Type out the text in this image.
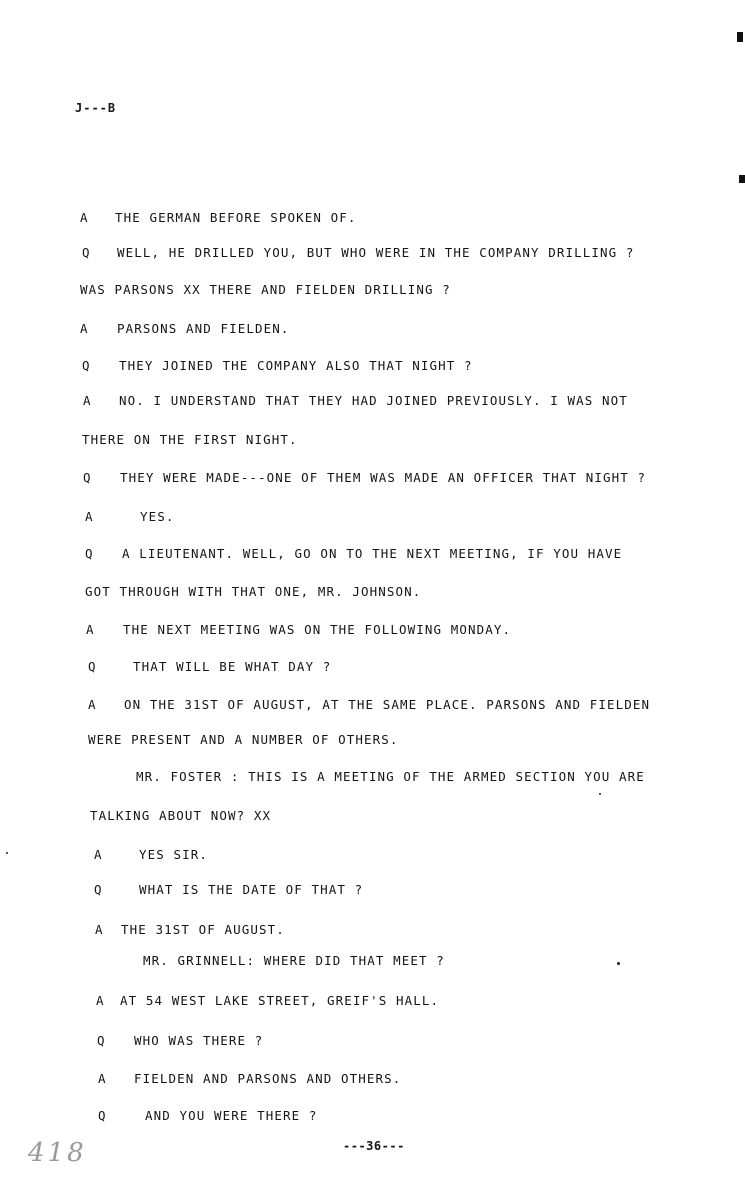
J---B
A THE GERMAN BEFORE SPOKEN OF.
Q WELL, HE DRILLED YOU, BUT WHO WERE IN THE COMPANY DRILLING ?
WAS PARSONS XX THERE AND FIELDEN DRILLING ?
A PARSONS AND FIELDEN.
Q THEY JOINED THE COMPANY ALSO THAT NIGHT ?
A NO. I UNDERSTAND THAT THEY HAD JOINED PREVIOUSLY. I WAS NOT
THERE ON THE FIRST NIGHT.
Q THEY WERE MADE---ONE OF THEM WAS MADE AN OFFICER THAT NIGHT ?
A	YES.
Q A LIEUTENANT. WELL, GO ON TO THE NEXT MEETING, IF YOU HAVE
GOT THROUGH WITH THAT ONE, MR. JOHNSON.
A THE NEXT MEETING WAS ON THE FOLLOWING MONDAY.
Q	THAT WILL BE WHAT DAY ?
A ON THE 31ST OF AUGUST, AT THE SAME PLACE. PARSONS AND FIELDEN
WERE PRESENT AND A NUMBER OF OTHERS.
MR. FOSTER : THIS IS A MEETING OF THE ARMED SECTION YOU ARE
TALKING ABOUT NOW? XX
A	YES SIR.
Q	WHAT IS THE DATE OF THAT ?
A THE 31ST OF AUGUST.
MR. GRINNELL: WHERE DID THAT MEET ?
A AT 54 WEST LAKE STREET, GREIF'S HALL.
Q WHO WAS THERE ?
A FIELDEN AND PARSONS AND OTHERS.
Q	AND YOU WERE THERE ?
---36---
418
